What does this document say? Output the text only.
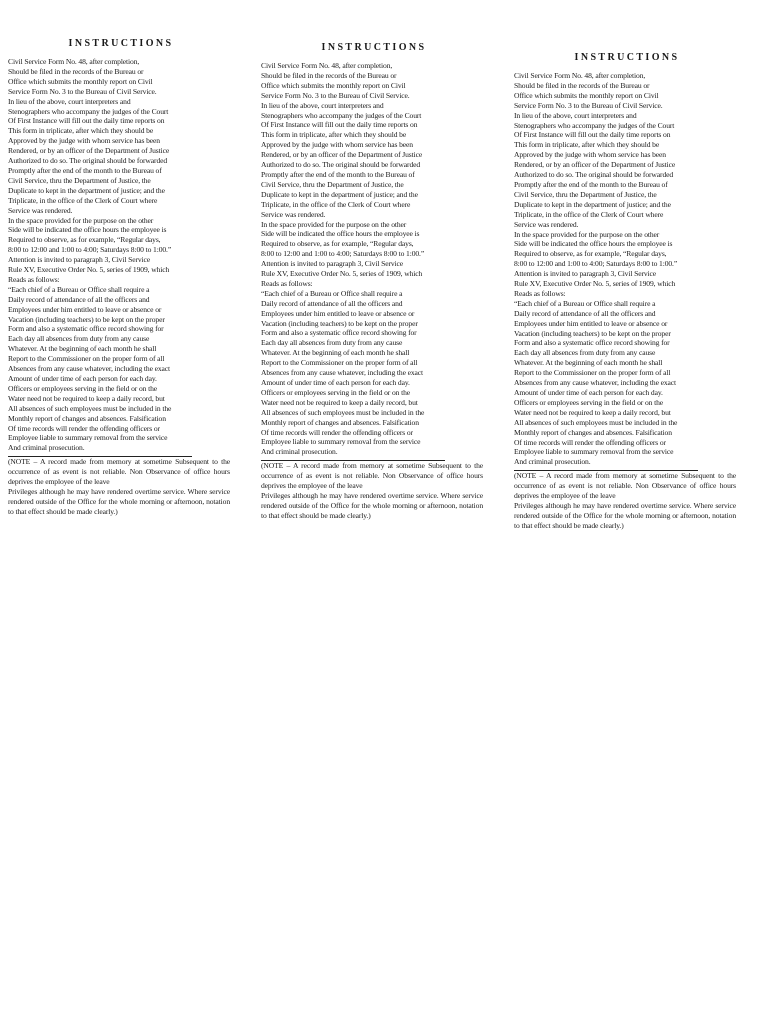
INSTRUCTIONS
Civil Service Form No. 48, after completion,
Should be filed in the records of the Bureau or
Office which submits the monthly report on Civil
Service Form No. 3 to the Bureau of Civil Service.
In lieu of the above, court interpreters and
Stenographers who accompany the judges of the Court
Of First Instance will fill out the daily time reports on
This form in triplicate, after which they should be
Approved by the judge with whom service has been
Rendered, or by an officer of the Department of Justice
Authorized to do so. The original should be forwarded
Promptly after the end of the month to the Bureau of
Civil Service, thru the Department of Justice, the
Duplicate to kept in the department of justice; and the
Triplicate, in the office of the Clerk of Court where
Service was rendered.
In the space provided for the purpose on the other
Side will be indicated the office hours the employee is
Required to observe, as for example, “Regular days,
8:00 to 12:00 and 1:00 to 4:00; Saturdays 8:00 to 1:00.”
Attention is invited to paragraph 3, Civil Service
Rule XV, Executive Order No. 5, series of 1909, which
Reads as follows:
“Each chief of a Bureau or Office shall require a
Daily record of attendance of all the officers and
Employees under him entitled to leave or absence or
Vacation (including teachers) to be kept on the proper
Form and also a systematic office record showing for
Each day all absences from duty from any cause
Whatever. At the beginning of each month he shall
Report to the Commissioner on the proper form of all
Absences from any cause whatever, including the exact
Amount of under time of each person for each day.
Officers or employees serving in the field or on the
Water need not be required to keep a daily record, but
All absences of such employees must be included in the
Monthly report of changes and absences. Falsification
Of time records will render the offending officers or
Employee liable to summary removal from the service
And criminal prosecution.

(NOTE – A record made from memory at sometime Subsequent to the occurrence of as event is not reliable. Non Observance of office hours deprives the employee of the leave

Privileges although he may have rendered overtime service. Where service rendered outside of the Office for the whole morning or afternoon, notation to that effect should be made clearly.)

INSTRUCTIONS
Civil Service Form No. 48, after completion,
Should be filed in the records of the Bureau or
Office which submits the monthly report on Civil
Service Form No. 3 to the Bureau of Civil Service.
In lieu of the above, court interpreters and
Stenographers who accompany the judges of the Court
Of First Instance will fill out the daily time reports on
This form in triplicate, after which they should be
Approved by the judge with whom service has been
Rendered, or by an officer of the Department of Justice
Authorized to do so. The original should be forwarded
Promptly after the end of the month to the Bureau of
Civil Service, thru the Department of Justice, the
Duplicate to kept in the department of justice; and the
Triplicate, in the office of the Clerk of Court where
Service was rendered.
In the space provided for the purpose on the other
Side will be indicated the office hours the employee is
Required to observe, as for example, “Regular days,
8:00 to 12:00 and 1:00 to 4:00; Saturdays 8:00 to 1:00.”
Attention is invited to paragraph 3, Civil Service
Rule XV, Executive Order No. 5, series of 1909, which
Reads as follows:
“Each chief of a Bureau or Office shall require a
Daily record of attendance of all the officers and
Employees under him entitled to leave or absence or
Vacation (including teachers) to be kept on the proper
Form and also a systematic office record showing for
Each day all absences from duty from any cause
Whatever. At the beginning of each month he shall
Report to the Commissioner on the proper form of all
Absences from any cause whatever, including the exact
Amount of under time of each person for each day.
Officers or employees serving in the field or on the
Water need not be required to keep a daily record, but
All absences of such employees must be included in the
Monthly report of changes and absences. Falsification
Of time records will render the offending officers or
Employee liable to summary removal from the service
And criminal prosecution.

(NOTE – A record made from memory at sometime Subsequent to the occurrence of as event is not reliable. Non Observance of office hours deprives the employee of the leave

Privileges although he may have rendered overtime service. Where service rendered outside of the Office for the whole morning or afternoon, notation to that effect should be made clearly.)

INSTRUCTIONS
Civil Service Form No. 48, after completion,
Should be filed in the records of the Bureau or
Office which submits the monthly report on Civil
Service Form No. 3 to the Bureau of Civil Service.
In lieu of the above, court interpreters and
Stenographers who accompany the judges of the Court
Of First Instance will fill out the daily time reports on
This form in triplicate, after which they should be
Approved by the judge with whom service has been
Rendered, or by an officer of the Department of Justice
Authorized to do so. The original should be forwarded
Promptly after the end of the month to the Bureau of
Civil Service, thru the Department of Justice, the
Duplicate to kept in the department of justice; and the
Triplicate, in the office of the Clerk of Court where
Service was rendered.
In the space provided for the purpose on the other
Side will be indicated the office hours the employee is
Required to observe, as for example, “Regular days,
8:00 to 12:00 and 1:00 to 4:00; Saturdays 8:00 to 1:00.”
Attention is invited to paragraph 3, Civil Service
Rule XV, Executive Order No. 5, series of 1909, which
Reads as follows:
“Each chief of a Bureau or Office shall require a
Daily record of attendance of all the officers and
Employees under him entitled to leave or absence or
Vacation (including teachers) to be kept on the proper
Form and also a systematic office record showing for
Each day all absences from duty from any cause
Whatever. At the beginning of each month he shall
Report to the Commissioner on the proper form of all
Absences from any cause whatever, including the exact
Amount of under time of each person for each day.
Officers or employees serving in the field or on the
Water need not be required to keep a daily record, but
All absences of such employees must be included in the
Monthly report of changes and absences. Falsification
Of time records will render the offending officers or
Employee liable to summary removal from the service
And criminal prosecution.

(NOTE – A record made from memory at sometime Subsequent to the occurrence of as event is not reliable. Non Observance of office hours deprives the employee of the leave

Privileges although he may have rendered overtime service. Where service rendered outside of the Office for the whole morning or afternoon, notation to that effect should be made clearly.)
